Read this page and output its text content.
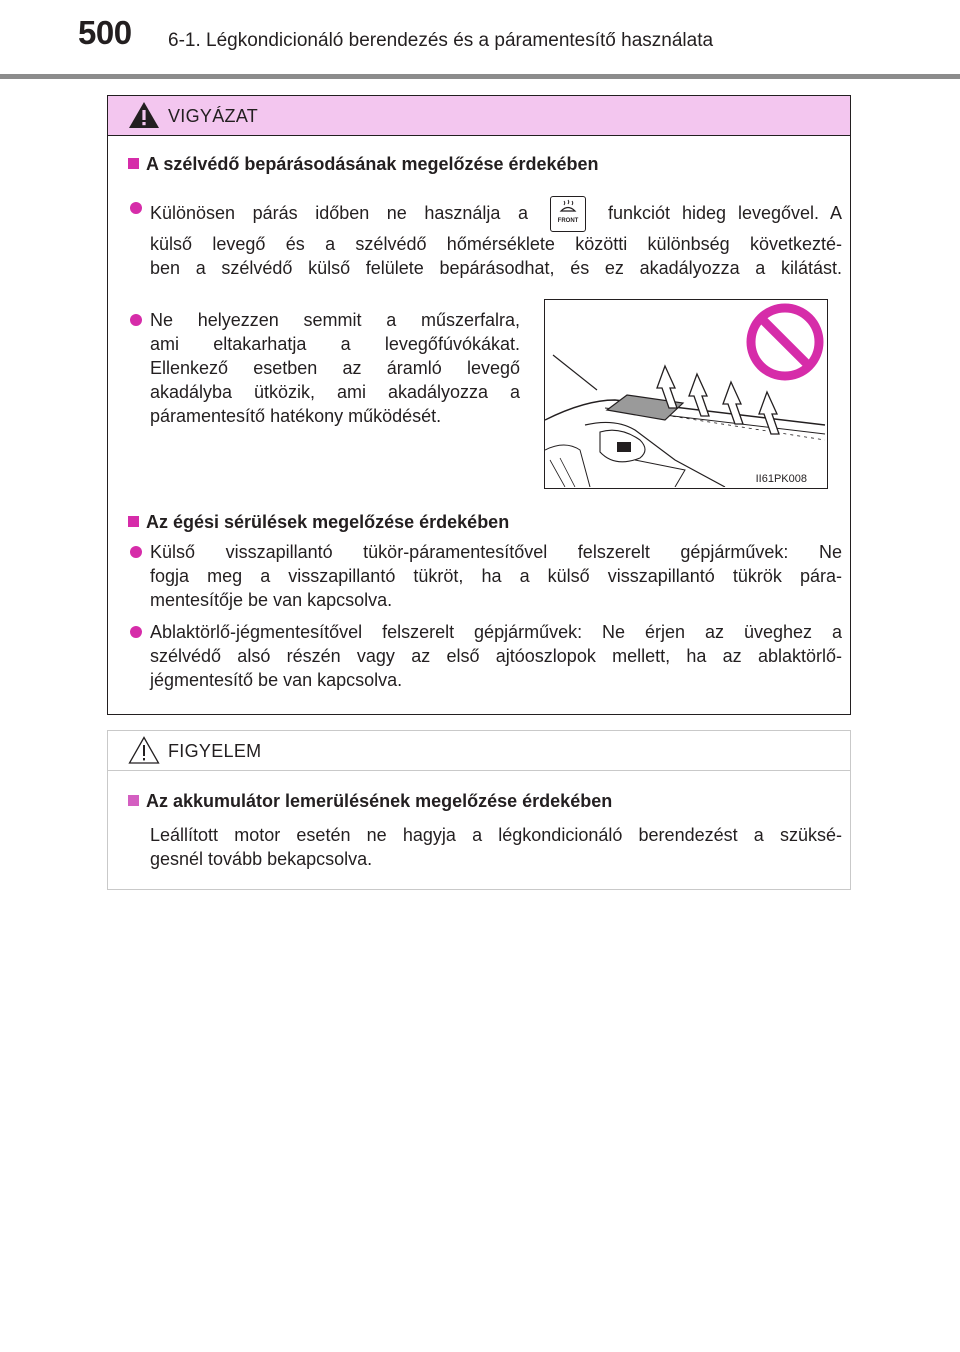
500 6-1. Légkondicionáló berendezés és a páramentesítő használata
VIGYÁZAT
A szélvédő bepárásodásának megelőzése érdekében
Különösen párás időben ne használja a	FRONT funkciót hideg levegővel. A
külső levegő és a szélvédő hőmérséklete közötti különbség következté-
ben a szélvédő külső felülete bepárásodhat, és ez akadályozza a kilátást.
Ne helyezzen semmit a műszerfalra,
ami eltakarhatja a levegőfúvókákat.
Ellenkező esetben az áramló levegő
akadályba ütközik, ami akadályozza a
páramentesítő hatékony működését.
II61PK008
Az égési sérülések megelőzése érdekében
Külső visszapillantó tükör-páramentesítővel felszerelt gépjárművek: Ne
fogja meg a visszapillantó tükröt, ha a külső visszapillantó tükrök pára-
mentesítője be van kapcsolva.
Ablaktörlő-jégmentesítővel felszerelt gépjárművek: Ne érjen az üveghez a
szélvédő alsó részén vagy az első ajtóoszlopok mellett, ha az ablaktörlő-
jégmentesítő be van kapcsolva.
FIGYELEM
Az akkumulátor lemerülésének megelőzése érdekében
Leállított motor esetén ne hagyja a légkondicionáló berendezést a szüksé-
gesnél tovább bekapcsolva.
